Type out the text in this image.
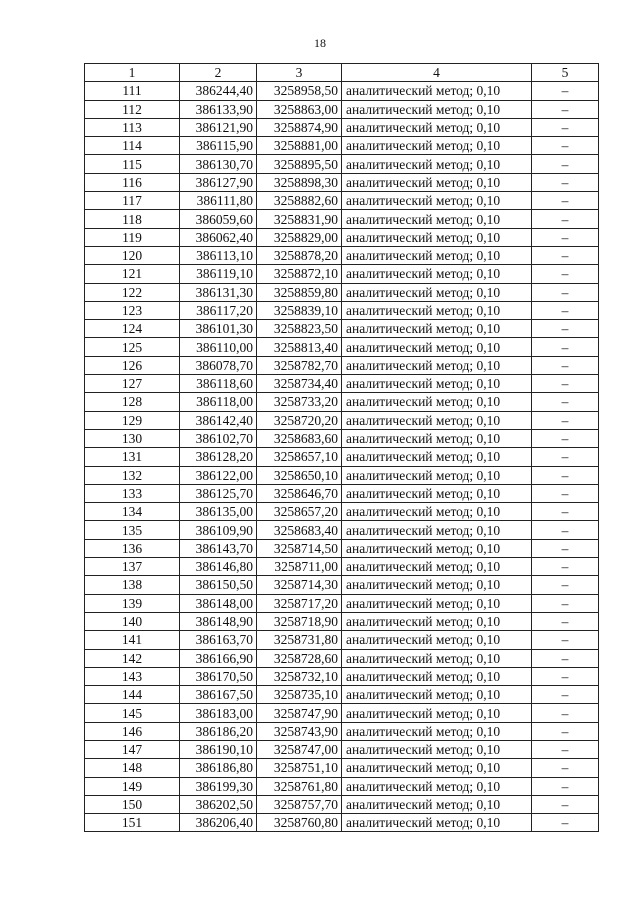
18
1	2	3	4	5
111	386244,40	3258958,50	аналитический метод; 0,10	–
112	386133,90	3258863,00	аналитический метод; 0,10	–
113	386121,90	3258874,90	аналитический метод; 0,10	–
114	386115,90	3258881,00	аналитический метод; 0,10	–
115	386130,70	3258895,50	аналитический метод; 0,10	–
116	386127,90	3258898,30	аналитический метод; 0,10	–
117	386111,80	3258882,60	аналитический метод; 0,10	–
118	386059,60	3258831,90	аналитический метод; 0,10	–
119	386062,40	3258829,00	аналитический метод; 0,10	–
120	386113,10	3258878,20	аналитический метод; 0,10	–
121	386119,10	3258872,10	аналитический метод; 0,10	–
122	386131,30	3258859,80	аналитический метод; 0,10	–
123	386117,20	3258839,10	аналитический метод; 0,10	–
124	386101,30	3258823,50	аналитический метод; 0,10	–
125	386110,00	3258813,40	аналитический метод; 0,10	–
126	386078,70	3258782,70	аналитический метод; 0,10	–
127	386118,60	3258734,40	аналитический метод; 0,10	–
128	386118,00	3258733,20	аналитический метод; 0,10	–
129	386142,40	3258720,20	аналитический метод; 0,10	–
130	386102,70	3258683,60	аналитический метод; 0,10	–
131	386128,20	3258657,10	аналитический метод; 0,10	–
132	386122,00	3258650,10	аналитический метод; 0,10	–
133	386125,70	3258646,70	аналитический метод; 0,10	–
134	386135,00	3258657,20	аналитический метод; 0,10	–
135	386109,90	3258683,40	аналитический метод; 0,10	–
136	386143,70	3258714,50	аналитический метод; 0,10	–
137	386146,80	3258711,00	аналитический метод; 0,10	–
138	386150,50	3258714,30	аналитический метод; 0,10	–
139	386148,00	3258717,20	аналитический метод; 0,10	–
140	386148,90	3258718,90	аналитический метод; 0,10	–
141	386163,70	3258731,80	аналитический метод; 0,10	–
142	386166,90	3258728,60	аналитический метод; 0,10	–
143	386170,50	3258732,10	аналитический метод; 0,10	–
144	386167,50	3258735,10	аналитический метод; 0,10	–
145	386183,00	3258747,90	аналитический метод; 0,10	–
146	386186,20	3258743,90	аналитический метод; 0,10	–
147	386190,10	3258747,00	аналитический метод; 0,10	–
148	386186,80	3258751,10	аналитический метод; 0,10	–
149	386199,30	3258761,80	аналитический метод; 0,10	–
150	386202,50	3258757,70	аналитический метод; 0,10	–
151	386206,40	3258760,80	аналитический метод; 0,10	–
